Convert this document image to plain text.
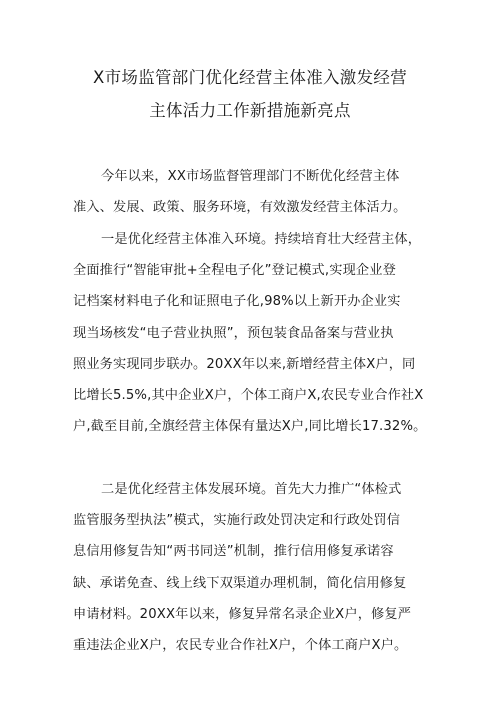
X市场监管部门优化经营主体准入激发经营
主体活力工作新措施新亮点
今年以来，XX市场监督管理部门不断优化经营主体
准入、发展、政策、服务环境，有效激发经营主体活力。
一是优化经营主体准入环境。持续培育壮大经营主体，
全面推行“智能审批+全程电子化”登记模式,实现企业登
记档案材料电子化和证照电子化,98%以上新开办企业实
现当场核发“电子营业执照”，预包装食品备案与营业执
照业务实现同步联办。20XX年以来,新增经营主体X户，同
比增长5.5%,其中企业X户，个体工商户X,农民专业合作社X
户,截至目前,全旗经营主体保有量达X户,同比增长17.32%。
二是优化经营主体发展环境。首先大力推广“体检式
监管服务型执法”模式，实施行政处罚决定和行政处罚信
息信用修复告知“两书同送”机制，推行信用修复承诺容
缺、承诺免查、线上线下双渠道办理机制，简化信用修复
申请材料。20XX年以来，修复异常名录企业X户，修复严
重违法企业X户，农民专业合作社X户，个体工商户X户。
